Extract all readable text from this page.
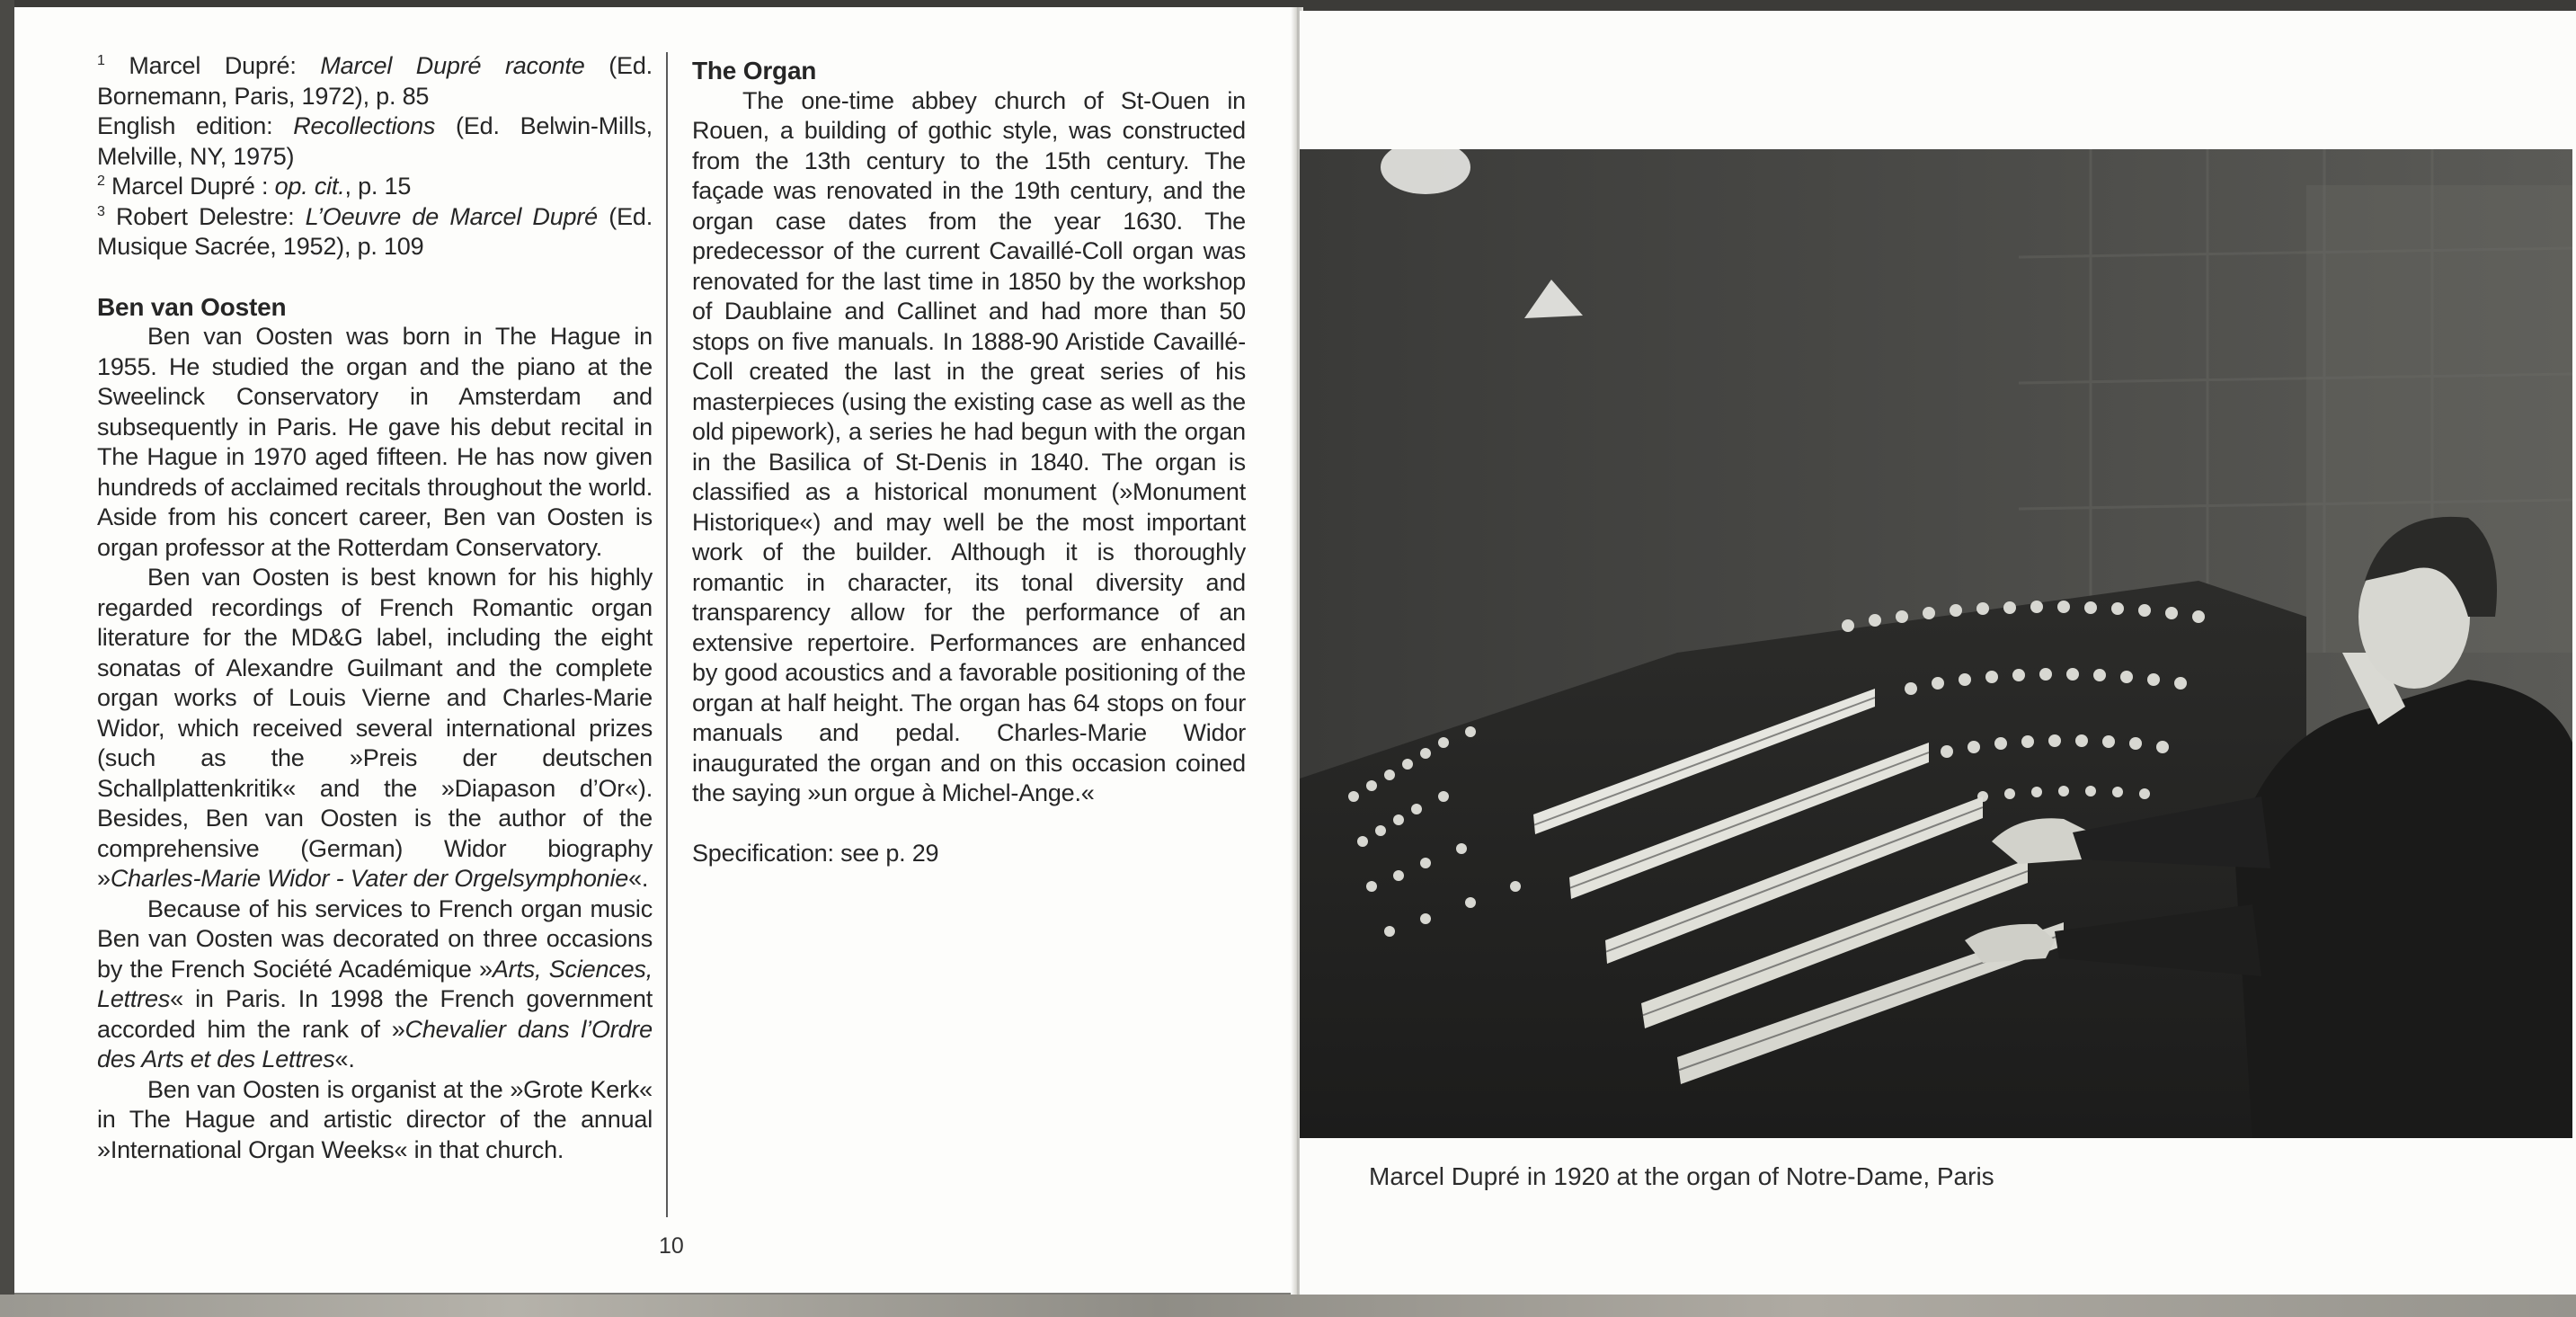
$^1$ Marcel Dupré: Marcel Dupré raconte (Ed. Bornemann, Paris, 1972), p. 85
English edition: Recollections (Ed. Belwin-Mills, Melville, NY, 1975)

$^2$ Marcel Dupré : op. cit., p. 15

$^3$ Robert Delestre: L’Oeuvre de Marcel Dupré (Ed. Musique Sacrée, 1952), p. 109

Ben van Oosten

Ben van Oosten was born in The Hague in 1955. He studied the organ and the piano at the Sweelinck Conservatory in Amsterdam and subsequently in Paris. He gave his debut recital in The Hague in 1970 aged fifteen. He has now given hundreds of acclaimed recitals throughout the world. Aside from his concert career, Ben van Oosten is organ professor at the Rotterdam Conservatory.

Ben van Oosten is best known for his highly regarded recordings of French Romantic organ literature for the MD&G label, including the eight sonatas of Alexandre Guilmant and the complete organ works of Louis Vierne and Charles-Marie Widor, which received several international prizes (such as the »Preis der deutschen Schallplattenkritik« and the »Diapason d’Or«). Besides, Ben van Oosten is the author of the comprehensive (German) Widor biography »Charles-Marie Widor - Vater der Orgelsymphonie«.

Because of his services to French organ music Ben van Oosten was decorated on three occasions by the French Société Académique »Arts, Sciences, Lettres« in Paris. In 1998 the French government accorded him the rank of »Chevalier dans l’Ordre des Arts et des Lettres«.

Ben van Oosten is organist at the »Grote Kerk« in The Hague and artistic director of the annual »International Organ Weeks« in that church.

The Organ

The one-time abbey church of St-Ouen in Rouen, a building of gothic style, was constructed from the 13th century to the 15th century. The façade was renovated in the 19th century, and the organ case dates from the year 1630. The predecessor of the current Cavaillé-Coll organ was renovated for the last time in 1850 by the workshop of Daublaine and Callinet and had more than 50 stops on five manuals. In 1888-90 Aristide Cavaillé-Coll created the last in the great series of his masterpieces (using the existing case as well as the old pipework), a series he had begun with the organ in the Basilica of St-Denis in 1840. The organ is classified as a historical monument (»Monument Historique«) and may well be the most important work of the builder. Although it is thoroughly romantic in character, its tonal diversity and transparency allow for the performance of an extensive repertoire. Performances are enhanced by good acoustics and a favorable positioning of the organ at half height. The organ has 64 stops on four manuals and pedal. Charles-Marie Widor inaugurated the organ and on this occasion coined the saying »un orgue à Michel-Ange.«

Specification: see p. 29

10
Marcel Dupré in 1920 at the organ of Notre-Dame, Paris
